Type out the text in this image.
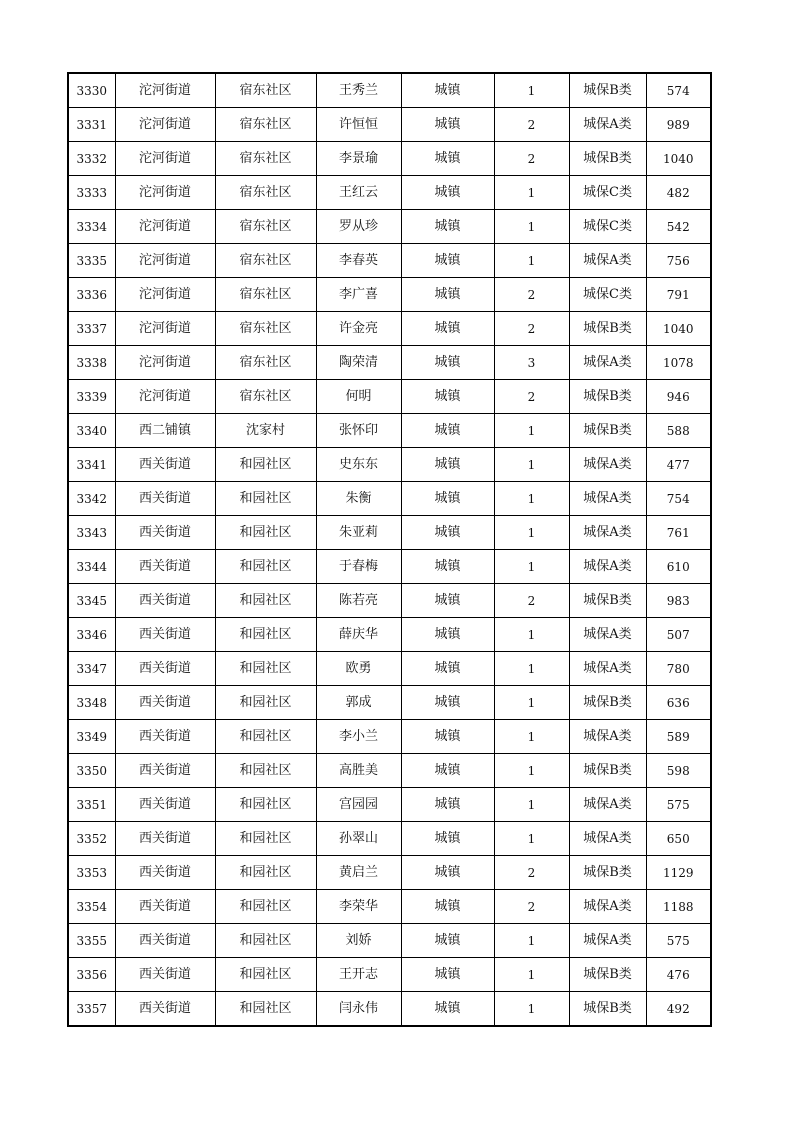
3330	沱河街道	宿东社区	王秀兰	城镇	1	城保B类	574
3331	沱河街道	宿东社区	许恒恒	城镇	2	城保A类	989
3332	沱河街道	宿东社区	李景瑜	城镇	2	城保B类	1040
3333	沱河街道	宿东社区	王红云	城镇	1	城保C类	482
3334	沱河街道	宿东社区	罗从珍	城镇	1	城保C类	542
3335	沱河街道	宿东社区	李春英	城镇	1	城保A类	756
3336	沱河街道	宿东社区	李广喜	城镇	2	城保C类	791
3337	沱河街道	宿东社区	许金亮	城镇	2	城保B类	1040
3338	沱河街道	宿东社区	陶荣清	城镇	3	城保A类	1078
3339	沱河街道	宿东社区	何明	城镇	2	城保B类	946
3340	西二铺镇	沈家村	张怀印	城镇	1	城保B类	588
3341	西关街道	和园社区	史东东	城镇	1	城保A类	477
3342	西关街道	和园社区	朱衡	城镇	1	城保A类	754
3343	西关街道	和园社区	朱亚莉	城镇	1	城保A类	761
3344	西关街道	和园社区	于春梅	城镇	1	城保A类	610
3345	西关街道	和园社区	陈若亮	城镇	2	城保B类	983
3346	西关街道	和园社区	薛庆华	城镇	1	城保A类	507
3347	西关街道	和园社区	欧勇	城镇	1	城保A类	780
3348	西关街道	和园社区	郭成	城镇	1	城保B类	636
3349	西关街道	和园社区	李小兰	城镇	1	城保A类	589
3350	西关街道	和园社区	高胜美	城镇	1	城保B类	598
3351	西关街道	和园社区	宫园园	城镇	1	城保A类	575
3352	西关街道	和园社区	孙翠山	城镇	1	城保A类	650
3353	西关街道	和园社区	黄启兰	城镇	2	城保B类	1129
3354	西关街道	和园社区	李荣华	城镇	2	城保A类	1188
3355	西关街道	和园社区	刘娇	城镇	1	城保A类	575
3356	西关街道	和园社区	王开志	城镇	1	城保B类	476
3357	西关街道	和园社区	闫永伟	城镇	1	城保B类	492
